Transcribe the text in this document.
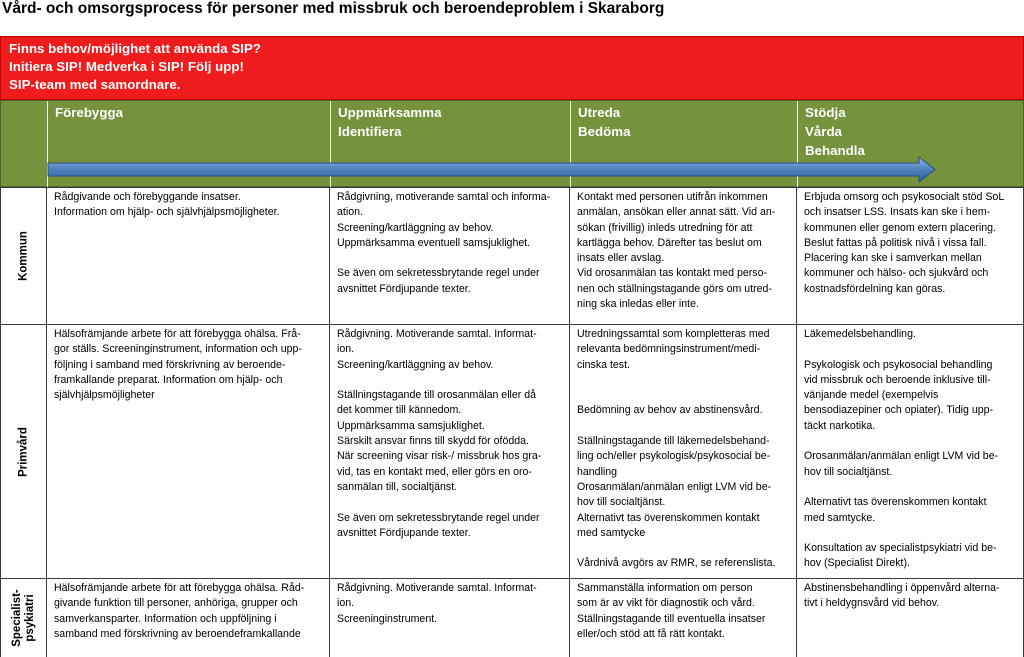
Vård- och omsorgsprocess för personer med missbruk och beroendeproblem i Skaraborg
Finns behov/möjlighet att använda SIP?
Initiera SIP! Medverka i SIP! Följ upp!
SIP-team med samordnare.
Förebygga	Uppmärksamma
Identifiera
Utreda
Bedöma
Stödja
Vårda
Behandla
Kommun
Rådgivande och förebyggande insatser.
Information om hjälp- och självhjälpsmöjligheter.
Rådgivning, motiverande samtal och informa-
ation.
Screening/kartläggning av behov.
Uppmärksamma eventuell samsjuklighet.
Se även om sekretessbrytande regel under
avsnittet Fördjupande texter.
Kontakt med personen utifrån inkommen
anmälan, ansökan eller annat sätt. Vid an-
sökan (frivillig) inleds utredning för att
kartlägga behov. Därefter tas beslut om
insats eller avslag.
Vid orosanmälan tas kontakt med perso-
nen och ställningstagande görs om utred-
ning ska inledas eller inte.
Erbjuda omsorg och psykosocialt stöd SoL
och insatser LSS. Insats kan ske i hem-
kommunen eller genom extern placering.
Beslut fattas på politisk nivå i vissa fall.
Placering kan ske i samverkan mellan
kommuner och hälso- och sjukvård och
kostnadsfördelning kan göras.
Primvård
Hälsofrämjande arbete för att förebygga ohälsa. Frå-
gor ställs. Screeninginstrument, information och upp-
följning i samband med förskrivning av beroende-
framkallande preparat. Information om hjälp- och
självhjälpsmöjligheter
Rådgivning. Motiverande samtal. Informat-
ion.
Screening/kartläggning av behov.
Ställningstagande till orosanmälan eller då
det kommer till kännedom.
Uppmärksamma samsjuklighet.
Särskilt ansvar finns till skydd för ofödda.
När screening visar risk-/ missbruk hos gra-
vid, tas en kontakt med, eller görs en oro-
sanmälan till, socialtjänst.
Se även om sekretessbrytande regel under
avsnittet Fördjupande texter.
Utredningssamtal som kompletteras med
relevanta bedömningsinstrument/medi-
cinska test.
Bedömning av behov av abstinensvård.
Ställningstagande till läkemedelsbehand-
ling och/eller psykologisk/psykosocial be-
handling
Orosanmälan/anmälan enligt LVM vid be-
hov till socialtjänst.
Alternativt tas överenskommen kontakt
med samtycke
Vårdnivå avgörs av RMR, se referenslista.
Läkemedelsbehandling.
Psykologisk och psykosocial behandling
vid missbruk och beroende inklusive till-
vänjande medel (exempelvis
bensodiazepiner och opiater). Tidig upp-
täckt narkotika.
Orosanmälan/anmälan enligt LVM vid be-
hov till socialtjänst.
Alternativt tas överenskommen kontakt
med samtycke.
Konsultation av specialistpsykiatri vid be-
hov (Specialist Direkt).
Specialist- psykiatri
Hälsofrämjande arbete för att förebygga ohälsa. Råd-
givande funktion till personer, anhöriga, grupper och
samverkansparter. Information och uppföljning i
samband med förskrivning av beroendeframkallande
Rådgivning. Motiverande samtal. Informat-
ion.
Screeninginstrument.
Sammanställa information om person
som är av vikt för diagnostik och vård.
Ställningstagande till eventuella insatser
eller/och stöd att få rätt kontakt.
Abstinensbehandling i öppenvård alterna-
tivt i heldygnsvård vid behov.
